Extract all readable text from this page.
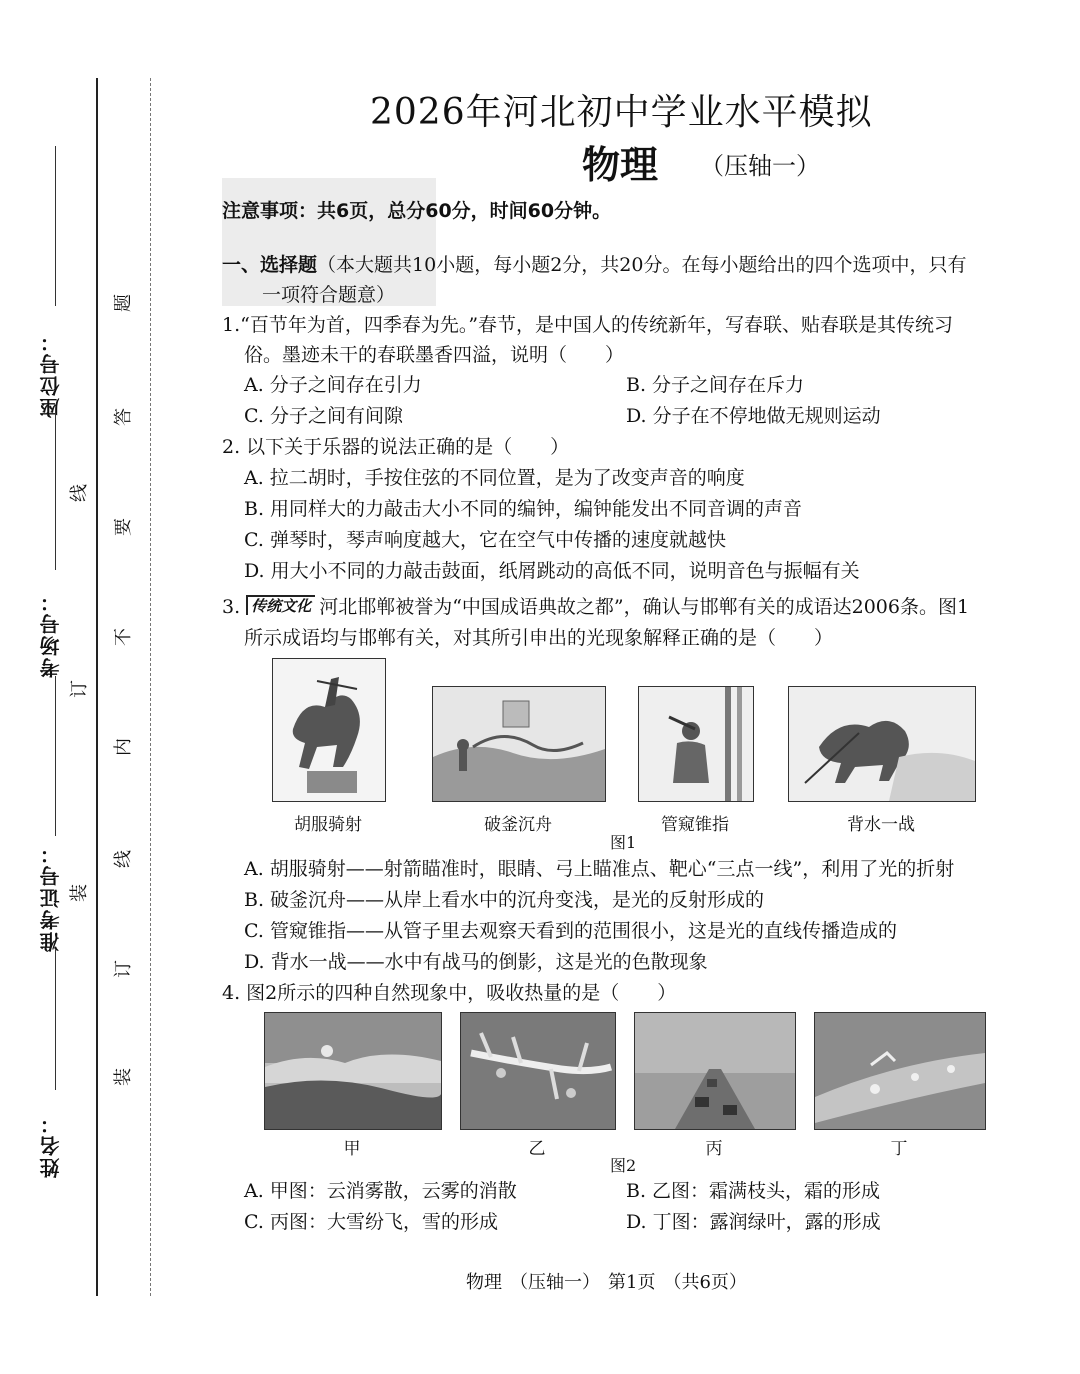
座位号：
考场号：
准考证号：
姓名：
线
订
装
题
答
要
不
内
线
订
装
2026年河北初中学业水平模拟
物理 （压轴一）
注意事项：共6页，总分60分，时间60分钟。
一、选择题（本大题共10小题，每小题2分，共20分。在每小题给出的四个选项中，只有
一项符合题意）
1.“百节年为首，四季春为先。”春节，是中国人的传统新年，写春联、贴春联是其传统习
俗。墨迹未干的春联墨香四溢，说明（　　）
A. 分子之间存在引力	B. 分子之间存在斥力
C. 分子之间有间隙	D. 分子在不停地做无规则运动
2. 以下关于乐器的说法正确的是（　　）
A. 拉二胡时，手按住弦的不同位置，是为了改变声音的响度
B. 用同样大的力敲击大小不同的编钟，编钟能发出不同音调的声音
C. 弹琴时，琴声响度越大，它在空气中传播的速度就越快
D. 用大小不同的力敲击鼓面，纸屑跳动的高低不同，说明音色与振幅有关
3. 传统文化 河北邯郸被誉为“中国成语典故之都”，确认与邯郸有关的成语达2006条。图1
所示成语均与邯郸有关，对其所引申出的光现象解释正确的是（　　）
胡服骑射	破釜沉舟	管窥锥指	背水一战
图1
A. 胡服骑射——射箭瞄准时，眼睛、弓上瞄准点、靶心“三点一线”，利用了光的折射
B. 破釜沉舟——从岸上看水中的沉舟变浅，是光的反射形成的
C. 管窥锥指——从管子里去观察天看到的范围很小，这是光的直线传播造成的
D. 背水一战——水中有战马的倒影，这是光的色散现象
4. 图2所示的四种自然现象中，吸收热量的是（　　）
甲	乙	丙	丁
图2
A. 甲图：云消雾散，云雾的消散	B. 乙图：霜满枝头，霜的形成
C. 丙图：大雪纷飞，雪的形成	D. 丁图：露润绿叶，露的形成
物理 （压轴一） 第1页 （共6页）
